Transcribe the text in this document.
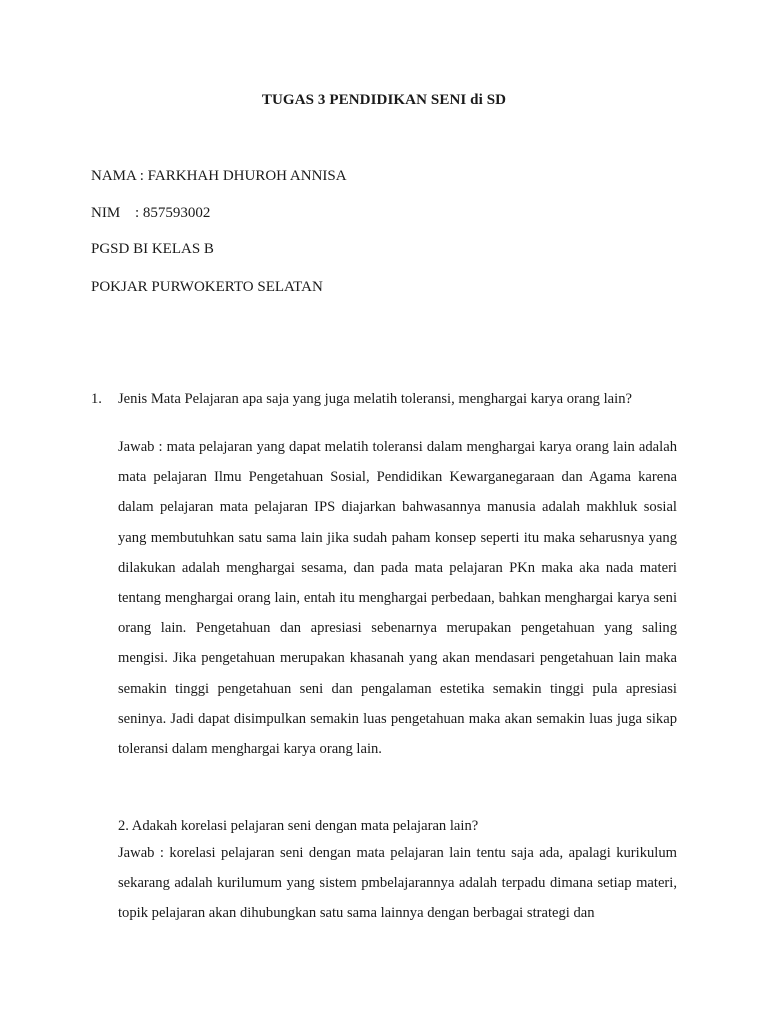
TUGAS 3 PENDIDIKAN SENI di SD
NAMA : FARKHAH DHUROH ANNISA
NIM : 857593002
PGSD BI KELAS B
POKJAR PURWOKERTO SELATAN
1. Jenis Mata Pelajaran apa saja yang juga melatih toleransi, menghargai karya orang lain?
Jawab : mata pelajaran yang dapat melatih toleransi dalam menghargai karya orang lain adalah mata pelajaran Ilmu Pengetahuan Sosial, Pendidikan Kewarganegaraan dan Agama karena dalam pelajaran mata pelajaran IPS diajarkan bahwasannya manusia adalah makhluk sosial yang membutuhkan satu sama lain jika sudah paham konsep seperti itu maka seharusnya yang dilakukan adalah menghargai sesama, dan pada mata pelajaran PKn maka aka nada materi tentang menghargai orang lain, entah itu menghargai perbedaan, bahkan menghargai karya seni orang lain. Pengetahuan dan apresiasi sebenarnya merupakan pengetahuan yang saling mengisi. Jika pengetahuan merupakan khasanah yang akan mendasari pengetahuan lain maka semakin tinggi pengetahuan seni dan pengalaman estetika semakin tinggi pula apresiasi seninya. Jadi dapat disimpulkan semakin luas pengetahuan maka akan semakin luas juga sikap toleransi dalam menghargai karya orang lain.
2. Adakah korelasi pelajaran seni dengan mata pelajaran lain?
Jawab : korelasi pelajaran seni dengan mata pelajaran lain tentu saja ada, apalagi kurikulum sekarang adalah kurilumum yang sistem pmbelajarannya adalah terpadu dimana setiap materi, topik pelajaran akan dihubungkan satu sama lainnya dengan berbagai strategi dan
